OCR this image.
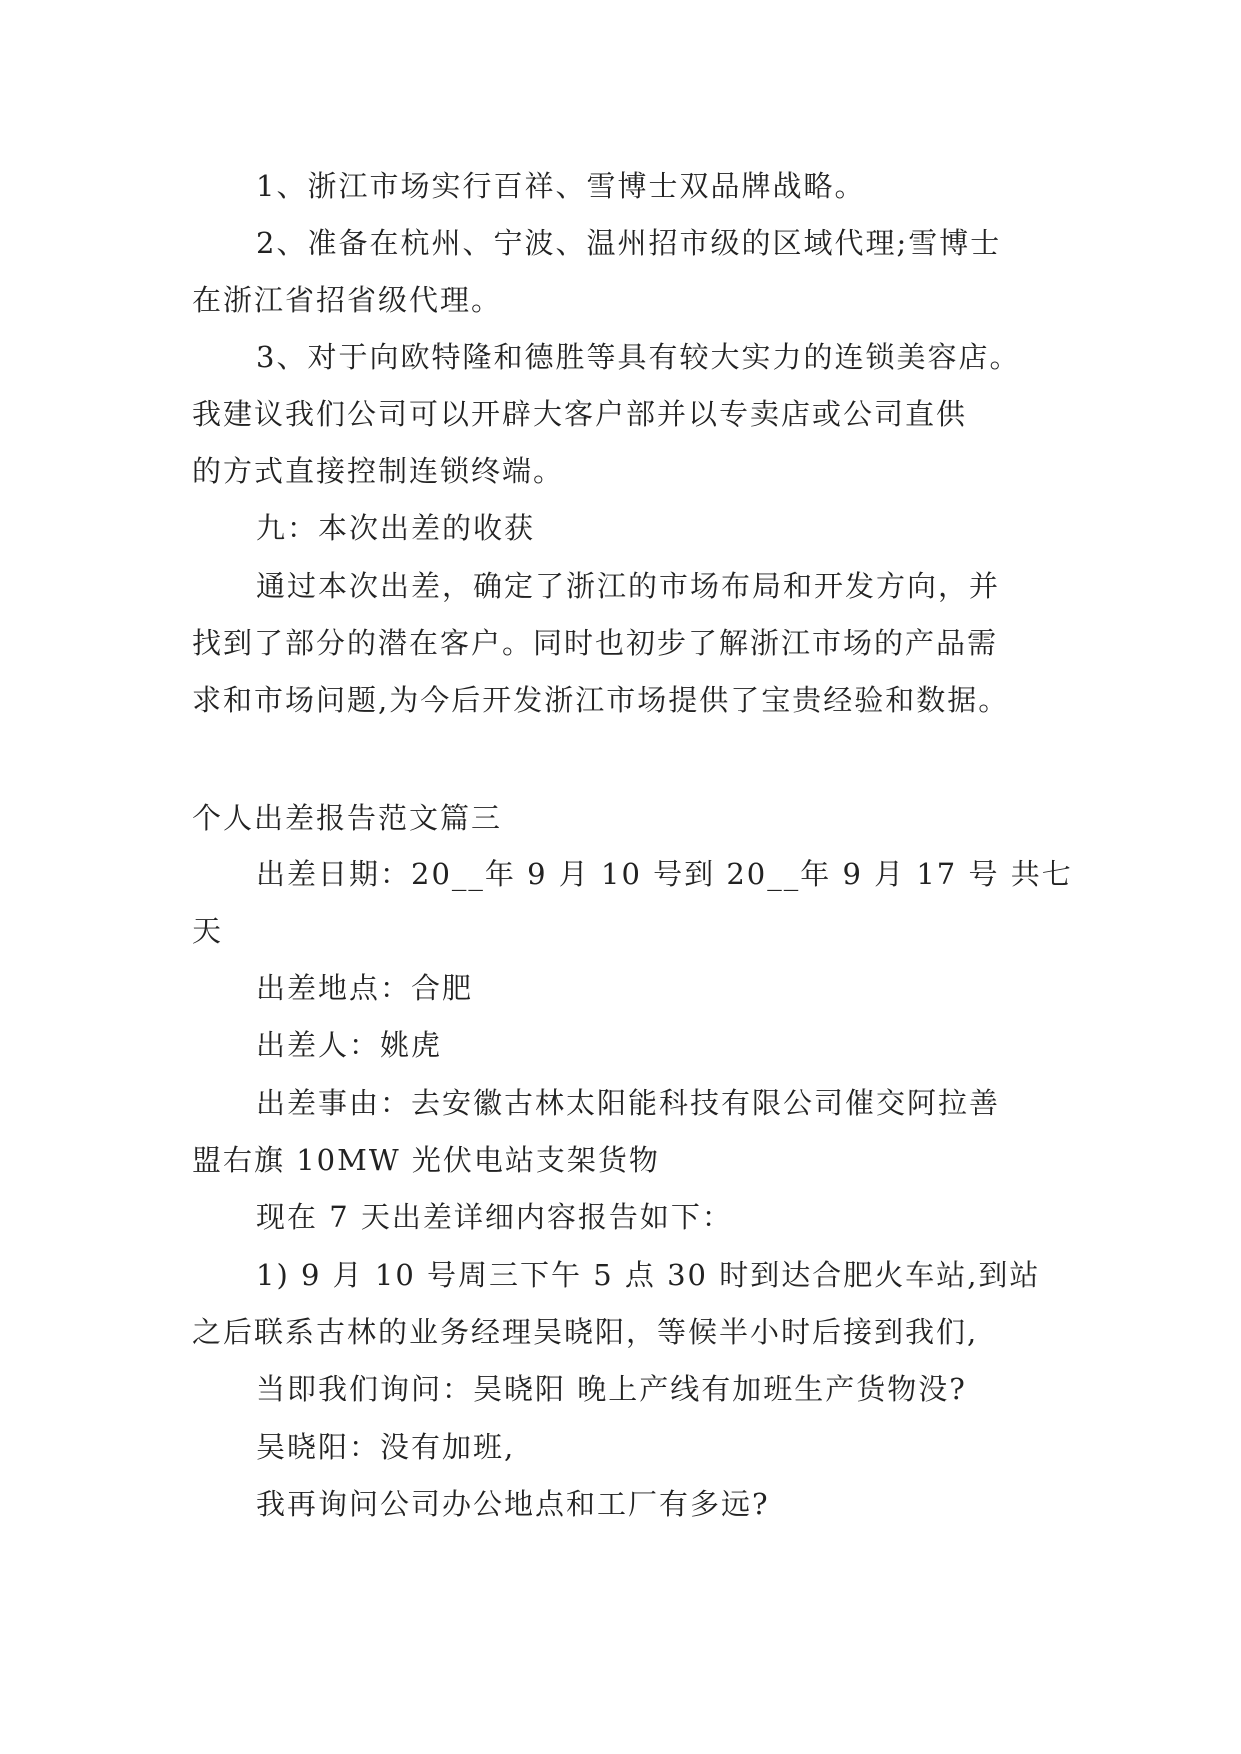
1、浙江市场实行百祥、雪博士双品牌战略。
2、准备在杭州、宁波、温州招市级的区域代理;雪博士
在浙江省招省级代理。
3、对于向欧特隆和德胜等具有较大实力的连锁美容店。
我建议我们公司可以开辟大客户部并以专卖店或公司直供
的方式直接控制连锁终端。
九：本次出差的收获
通过本次出差，确定了浙江的市场布局和开发方向，并
找到了部分的潜在客户。同时也初步了解浙江市场的产品需
求和市场问题,为今后开发浙江市场提供了宝贵经验和数据。
个人出差报告范文篇三
出差日期：20__年 9 月 10 号到 20__年 9 月 17 号 共七
天
出差地点：合肥
出差人：姚虎
出差事由：去安徽古林太阳能科技有限公司催交阿拉善
盟右旗 10MW 光伏电站支架货物
现在 7 天出差详细内容报告如下：
1) 9 月 10 号周三下午 5 点 30 时到达合肥火车站,到站
之后联系古林的业务经理吴晓阳，等候半小时后接到我们,
当即我们询问：吴晓阳 晚上产线有加班生产货物没?
吴晓阳：没有加班,
我再询问公司办公地点和工厂有多远?
